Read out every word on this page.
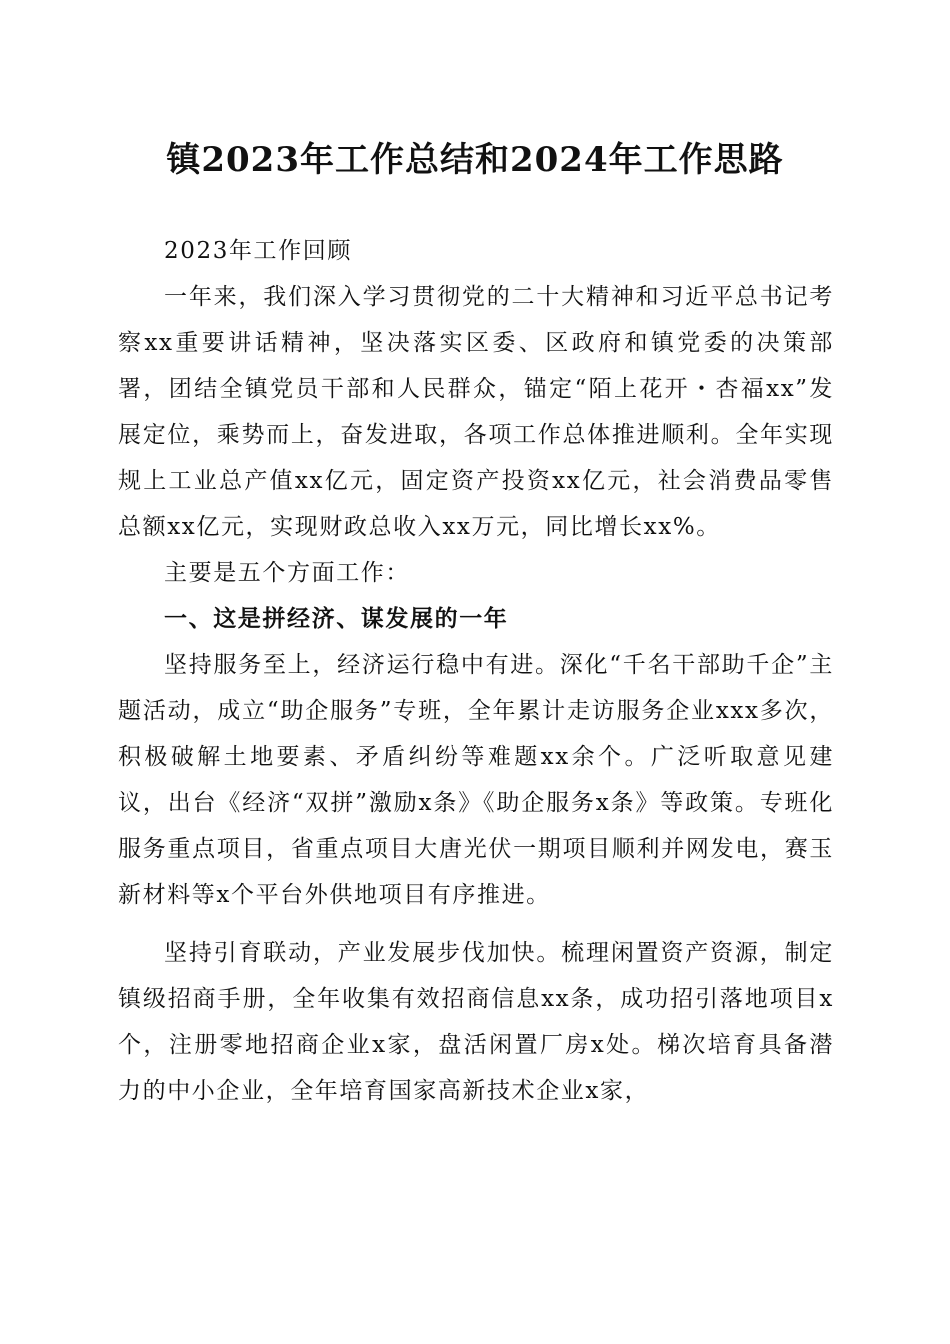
镇2023年工作总结和2024年工作思路

2023年工作回顾

一年来，我们深入学习贯彻党的二十大精神和习近平总书记考察xx重要讲话精神，坚决落实区委、区政府和镇党委的决策部署，团结全镇党员干部和人民群众，锚定“陌上花开・杏福xx”发展定位，乘势而上，奋发进取，各项工作总体推进顺利。全年实现规上工业总产值xx亿元，固定资产投资xx亿元，社会消费品零售总额xx亿元，实现财政总收入xx万元，同比增长xx%。

主要是五个方面工作：

一、这是拼经济、谋发展的一年

坚持服务至上，经济运行稳中有进。深化“千名干部助千企”主题活动，成立“助企服务”专班，全年累计走访服务企业xxx多次，积极破解土地要素、矛盾纠纷等难题xx余个。广泛听取意见建议，出台《经济“双拼”激励x条》《助企服务x条》等政策。专班化服务重点项目，省重点项目大唐光伏一期项目顺利并网发电，赛玉新材料等x个平台外供地项目有序推进。

坚持引育联动，产业发展步伐加快。梳理闲置资产资源，制定镇级招商手册，全年收集有效招商信息xx条，成功招引落地项目x个，注册零地招商企业x家，盘活闲置厂房x处。梯次培育具备潜力的中小企业，全年培育国家高新技术企业x家，
